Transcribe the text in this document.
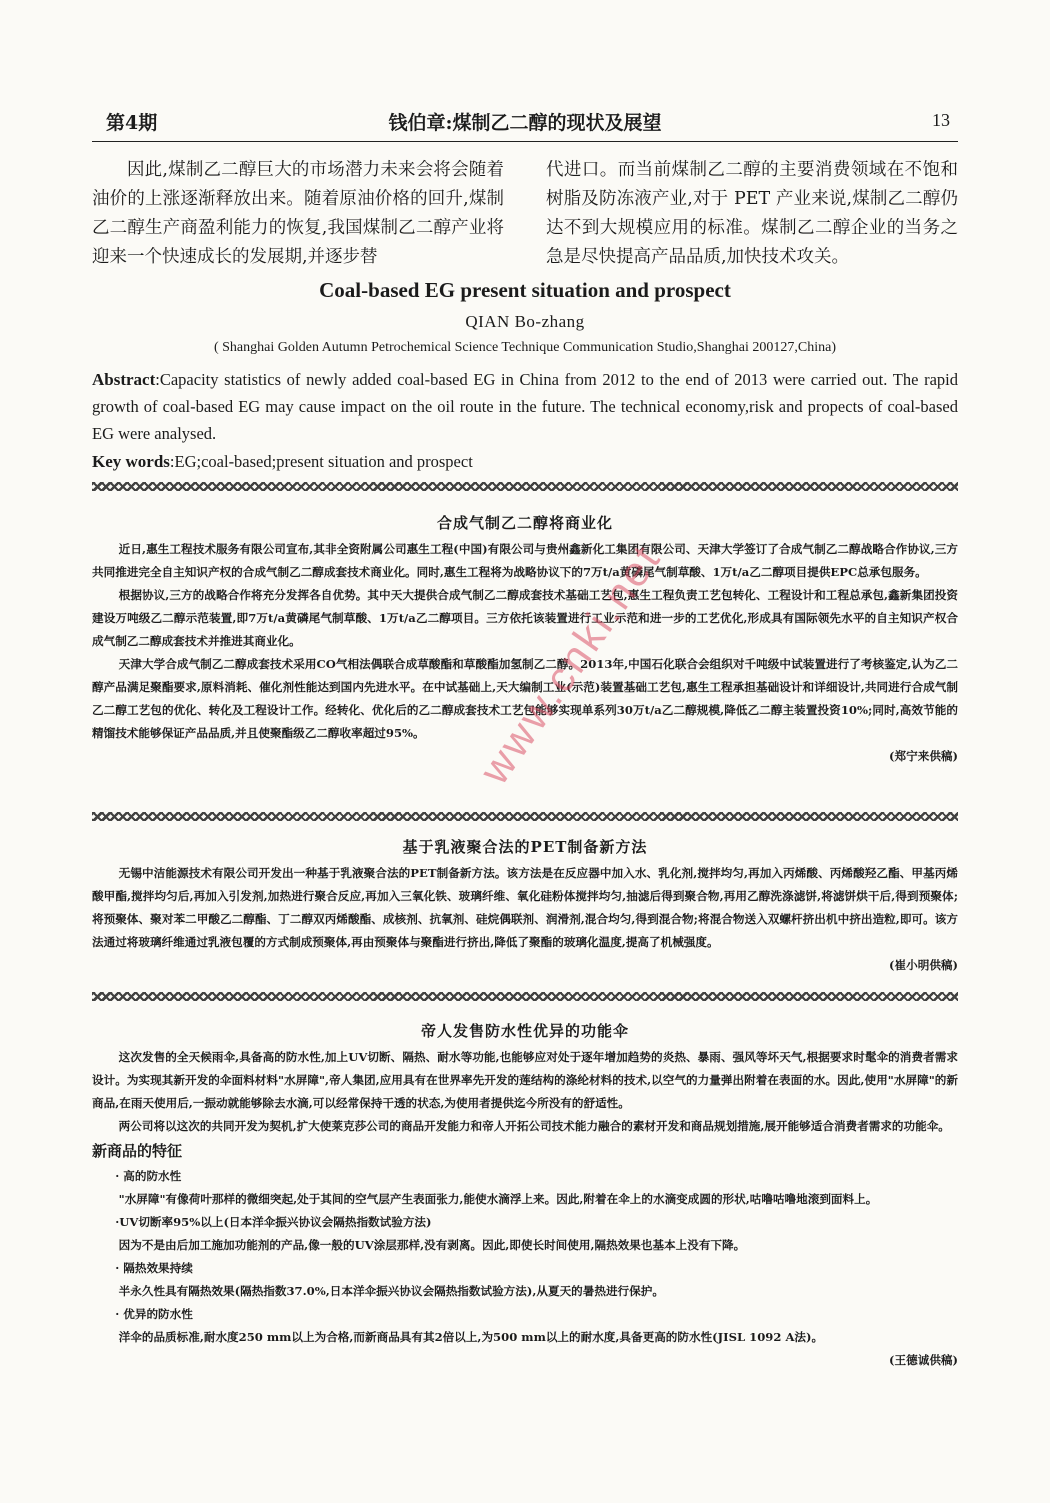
第4期	钱伯章:煤制乙二醇的现状及展望	13

因此,煤制乙二醇巨大的市场潜力未来会将会随着油价的上涨逐渐释放出来。随着原油价格的回升,煤制乙二醇生产商盈利能力的恢复,我国煤制乙二醇产业将迎来一个快速成长的发展期,并逐步替

代进口。而当前煤制乙二醇的主要消费领域在不饱和树脂及防冻液产业,对于 PET 产业来说,煤制乙二醇仍达不到大规模应用的标准。煤制乙二醇企业的当务之急是尽快提高产品品质,加快技术攻关。

Coal-based EG present situation and prospect
QIAN Bo-zhang
( Shanghai Golden Autumn Petrochemical Science Technique Communication Studio,Shanghai 200127,China)
Abstract:Capacity statistics of newly added coal-based EG in China from 2012 to the end of 2013 were carried out. The rapid growth of coal-based EG may cause impact on the oil route in the future. The technical economy,risk and propects of coal-based EG were analysed.
Key words:EG;coal-based;present situation and prospect
合成气制乙二醇将商业化

近日,惠生工程技术服务有限公司宣布,其非全资附属公司惠生工程(中国)有限公司与贵州鑫新化工集团有限公司、天津大学签订了合成气制乙二醇战略合作协议,三方共同推进完全自主知识产权的合成气制乙二醇成套技术商业化。同时,惠生工程将为战略协议下的7万t/a黄磷尾气制草酸、1万t/a乙二醇项目提供EPC总承包服务。

根据协议,三方的战略合作将充分发挥各自优势。其中天大提供合成气制乙二醇成套技术基础工艺包,惠生工程负责工艺包转化、工程设计和工程总承包,鑫新集团投资建设万吨级乙二醇示范装置,即7万t/a黄磷尾气制草酸、1万t/a乙二醇项目。三方依托该装置进行工业示范和进一步的工艺优化,形成具有国际领先水平的自主知识产权合成气制乙二醇成套技术并推进其商业化。

天津大学合成气制乙二醇成套技术采用CO气相法偶联合成草酸酯和草酸酯加氢制乙二醇。2013年,中国石化联合会组织对千吨级中试装置进行了考核鉴定,认为乙二醇产品满足聚酯要求,原料消耗、催化剂性能达到国内先进水平。在中试基础上,天大编制工业(示范)装置基础工艺包,惠生工程承担基础设计和详细设计,共同进行合成气制乙二醇工艺包的优化、转化及工程设计工作。经转化、优化后的乙二醇成套技术工艺包能够实现单系列30万t/a乙二醇规模,降低乙二醇主装置投资10%;同时,高效节能的精馏技术能够保证产品品质,并且使聚酯级乙二醇收率超过95%。

(郑宁来供稿)
基于乳液聚合法的PET制备新方法

无锡中洁能源技术有限公司开发出一种基于乳液聚合法的PET制备新方法。该方法是在反应器中加入水、乳化剂,搅拌均匀,再加入丙烯酸、丙烯酸羟乙酯、甲基丙烯酸甲酯,搅拌均匀后,再加入引发剂,加热进行聚合反应,再加入三氧化铁、玻璃纤维、氧化硅粉体搅拌均匀,抽滤后得到聚合物,再用乙醇洗涤滤饼,将滤饼烘干后,得到预聚体;将预聚体、聚对苯二甲酸乙二醇酯、丁二醇双丙烯酸酯、成核剂、抗氧剂、硅烷偶联剂、润滑剂,混合均匀,得到混合物;将混合物送入双螺杆挤出机中挤出造粒,即可。该方法通过将玻璃纤维通过乳液包覆的方式制成预聚体,再由预聚体与聚酯进行挤出,降低了聚酯的玻璃化温度,提高了机械强度。

(崔小明供稿)
帝人发售防水性优异的功能伞

这次发售的全天候雨伞,具备高的防水性,加上UV切断、隔热、耐水等功能,也能够应对处于逐年增加趋势的炎热、暴雨、强风等坏天气,根据要求时髦伞的消费者需求设计。为实现其新开发的伞面料材料"水屏障",帝人集团,应用具有在世界率先开发的莲结构的涤纶材料的技术,以空气的力量弹出附着在表面的水。因此,使用"水屏障"的新商品,在雨天使用后,一振动就能够除去水滴,可以经常保持干透的状态,为使用者提供迄今所没有的舒适性。

两公司将以这次的共同开发为契机,扩大使莱克莎公司的商品开发能力和帝人开拓公司技术能力融合的素材开发和商品规划措施,展开能够适合消费者需求的功能伞。

新商品的特征

· 高的防水性

"水屏障"有像荷叶那样的微细突起,处于其间的空气层产生表面张力,能使水滴浮上来。因此,附着在伞上的水滴变成圆的形状,咕噜咕噜地滚到面料上。

·UV切断率95%以上(日本洋伞振兴协议会隔热指数试验方法)

因为不是由后加工施加功能剂的产品,像一般的UV涂层那样,没有剥离。因此,即使长时间使用,隔热效果也基本上没有下降。

· 隔热效果持续

半永久性具有隔热效果(隔热指数37.0%,日本洋伞振兴协议会隔热指数试验方法),从夏天的暑热进行保护。

· 优异的防水性

洋伞的品质标准,耐水度250 mm以上为合格,而新商品具有其2倍以上,为500 mm以上的耐水度,具备更高的防水性(JISL 1092 A法)。

(王德诚供稿)
www.cnki.net
